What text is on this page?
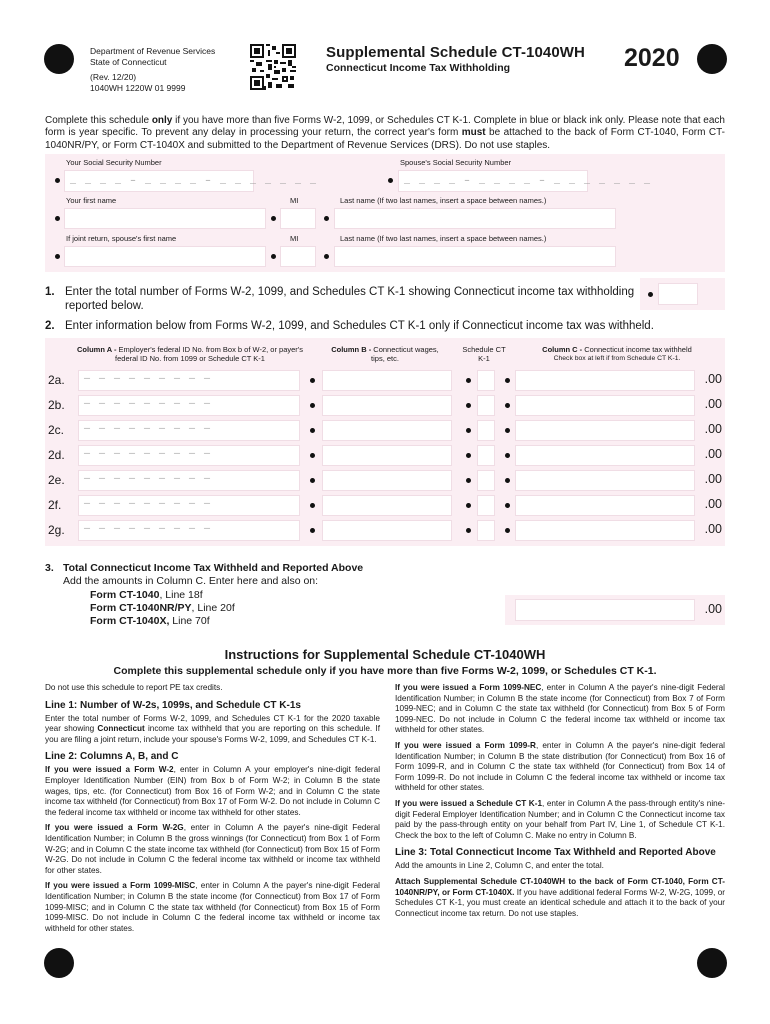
Department of Revenue Services
State of Connecticut
(Rev. 12/20)
1040WH 1220W 01 9999
Supplemental Schedule CT-1040WH
Connecticut Income Tax Withholding	2020
Complete this schedule only if you have more than five Forms W-2, 1099, or Schedules CT K-1. Complete in blue or black ink only. Please note that each form is year specific. To prevent any delay in processing your return, the correct year's form must be attached to the back of Form CT-1040, Form CT-1040NR/PY, or Form CT-1040X and submitted to the Department of Revenue Services (DRS). Do not use staples.
Your Social Security Number	Spouse's Social Security Number
_ _ _ _ – _ _ _ _ – _ _ _ _ _ _ _	_ _ _ _ – _ _ _ _ – _ _ _ _ _ _ _
Your first name	MI	Last name (If two last names, insert a space between names.)
If joint return, spouse's first name	MI	Last name (If two last names, insert a space between names.)
1. Enter the total number of Forms W-2, 1099, and Schedules CT K-1 showing Connecticut income tax withholding reported below.
2. Enter information below from Forms W-2, 1099, and Schedules CT K-1 only if Connecticut income tax was withheld.
Column A - Employer's federal ID No. from Box b of W-2, or payer's federal ID No. from 1099 or Schedule CT K-1
Column B - Connecticut wages, tips, etc.
Schedule CT K-1
Column C - Connecticut income tax withheld
Check box at left if from Schedule CT K-1.
2a. — — — — — — — — —	.00
2b. — — — — — — — — —	.00
2c. — — — — — — — — —	.00
2d. — — — — — — — — —	.00
2e. — — — — — — — — —	.00
2f. — — — — — — — — —	.00
2g. — — — — — — — — —	.00
3. Total Connecticut Income Tax Withheld and Reported Above
Add the amounts in Column C. Enter here and also on:
Form CT-1040, Line 18f
Form CT-1040NR/PY, Line 20f
Form CT-1040X, Line 70f
.00
Instructions for Supplemental Schedule CT-1040WH
Complete this supplemental schedule only if you have more than five Forms W-2, 1099, or Schedules CT K-1.

Do not use this schedule to report PE tax credits.

Line 1: Number of W-2s, 1099s, and Schedule CT K-1s

Enter the total number of Forms W-2, 1099, and Schedules CT K-1 for the 2020 taxable year showing Connecticut income tax withheld that you are reporting on this schedule. If you are filing a joint return, include your spouse's Forms W-2, 1099, and Schedules CT K-1.

Line 2: Columns A, B, and C

If you were issued a Form W-2, enter in Column A your employer's nine-digit federal Employer Identification Number (EIN) from Box b of Form W-2; in Column B the state wages, tips, etc. (for Connecticut) from Box 16 of Form W-2; and in Column C the state income tax withheld (for Connecticut) from Box 17 of Form W-2. Do not include in Column C the federal income tax withheld or income tax withheld for other states.

If you were issued a Form W-2G, enter in Column A the payer's nine-digit Federal Identification Number; in Column B the gross winnings (for Connecticut) from Box 1 of Form W-2G; and in Column C the state income tax withheld (for Connecticut) from Box 15 of Form W-2G. Do not include in Column C the federal income tax withheld or income tax withheld for other states.

If you were issued a Form 1099-MISC, enter in Column A the payer's nine-digit Federal Identification Number; in Column B the state income (for Connecticut) from Box 17 of Form 1099-MISC; and in Column C the state tax withheld (for Connecticut) from Box 15 of Form 1099-MISC. Do not include in Column C the federal income tax withheld or income tax withheld for other states.

If you were issued a Form 1099-NEC, enter in Column A the payer's nine-digit Federal Identification Number; in Column B the state income (for Connecticut) from Box 7 of Form 1099-NEC; and in Column C the state tax withheld (for Connecticut) from Box 5 of Form 1099-NEC. Do not include in Column C the federal income tax withheld or income tax withheld for other states.

If you were issued a Form 1099-R, enter in Column A the payer's nine-digit federal Identification Number; in Column B the state distribution (for Connecticut) from Box 16 of Form 1099-R, and in Column C the state tax withheld (for Connecticut) from Box 14 of Form 1099-R. Do not include in Column C the federal income tax withheld or income tax withheld for other states.

If you were issued a Schedule CT K-1, enter in Column A the pass-through entity's nine-digit Federal Employer Identification Number; and in Column C the Connecticut income tax paid by the pass-through entity on your behalf from Part IV, Line 1, of Schedule CT K-1. Check the box to the left of Column C. Make no entry in Column B.

Line 3: Total Connecticut Income Tax Withheld and Reported Above

Add the amounts in Line 2, Column C, and enter the total.

Attach Supplemental Schedule CT-1040WH to the back of Form CT-1040, Form CT-1040NR/PY, or Form CT-1040X. If you have additional federal Forms W-2, W-2G, 1099, or Schedules CT K-1, you must create an identical schedule and attach it to the back of your Connecticut income tax return. Do not use staples.
